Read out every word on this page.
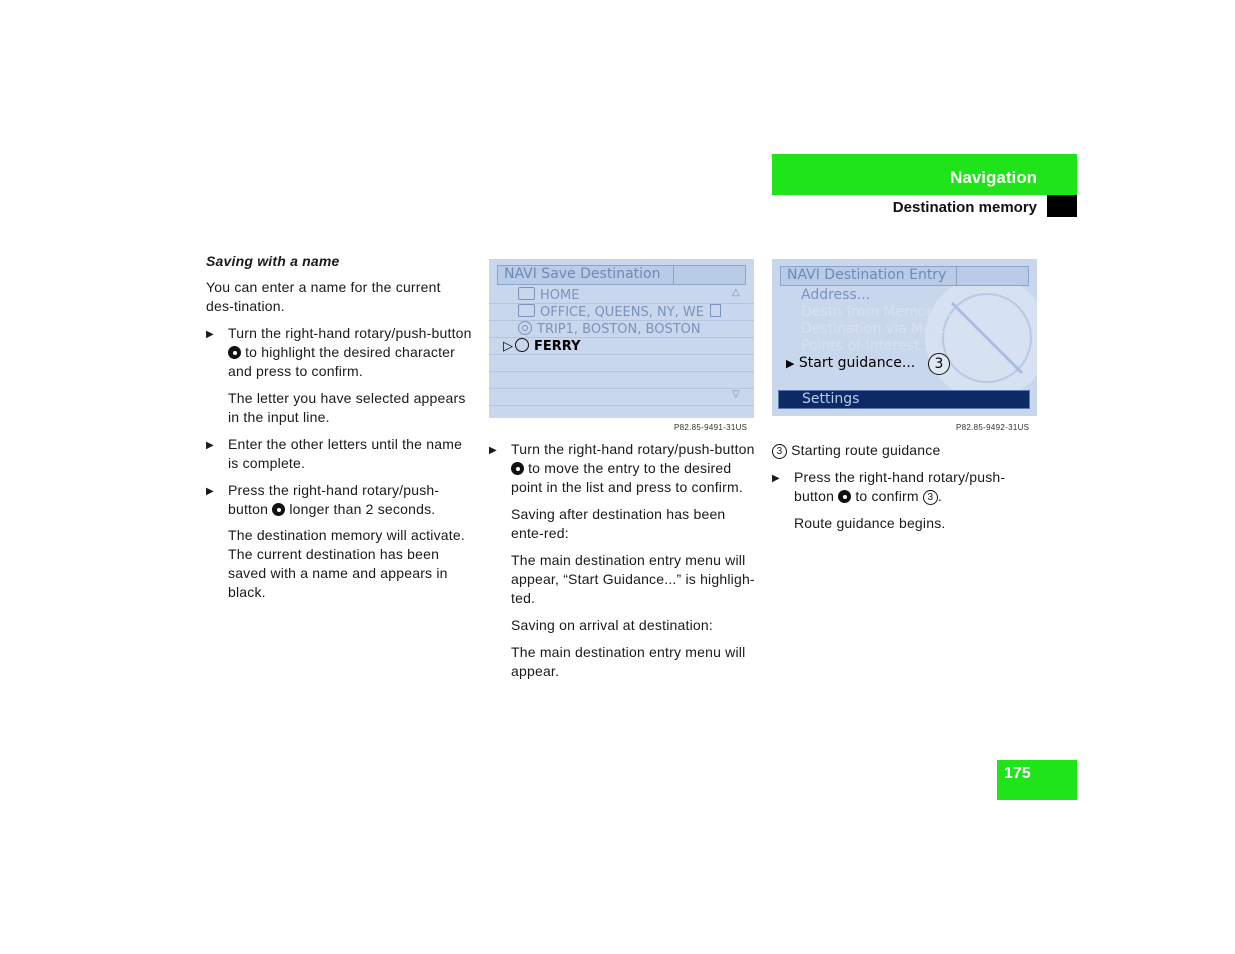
Navigation
Destination memory

Saving with a name

You can enter a name for the current des-tination.

▶ Turn the right-hand rotary/push-button
to highlight the desired character and press to confirm.

The letter you have selected appears in the input line.

▶ Enter the other letters until the name is complete.

▶ Press the right-hand rotary/push-button longer than 2 seconds.

The destination memory will activate. The current destination has been saved with a name and appears in black.

NAVI Save Destination
HOME	△
OFFICE, QUEENS, NY, WE
TRIP1, BOSTON, BOSTON
▷ FERRY
▽
P82.85-9491-31US

▶ Turn the right-hand rotary/push-button
to move the entry to the desired point in the list and press to confirm.

Saving after destination has been ente-red:

The main destination entry menu will appear, “Start Guidance...” is highligh-ted.

Saving on arrival at destination:

The main destination entry menu will appear.

NAVI Destination Entry
Address...
Destn from Memory...
Destination via Map...
Points of Interest...
▶ Start guidance...	3
Settings
P82.85-9492-31US

3 Starting route guidance

▶ Press the right-hand rotary/push-
button to confirm 3 .

Route guidance begins.

175
